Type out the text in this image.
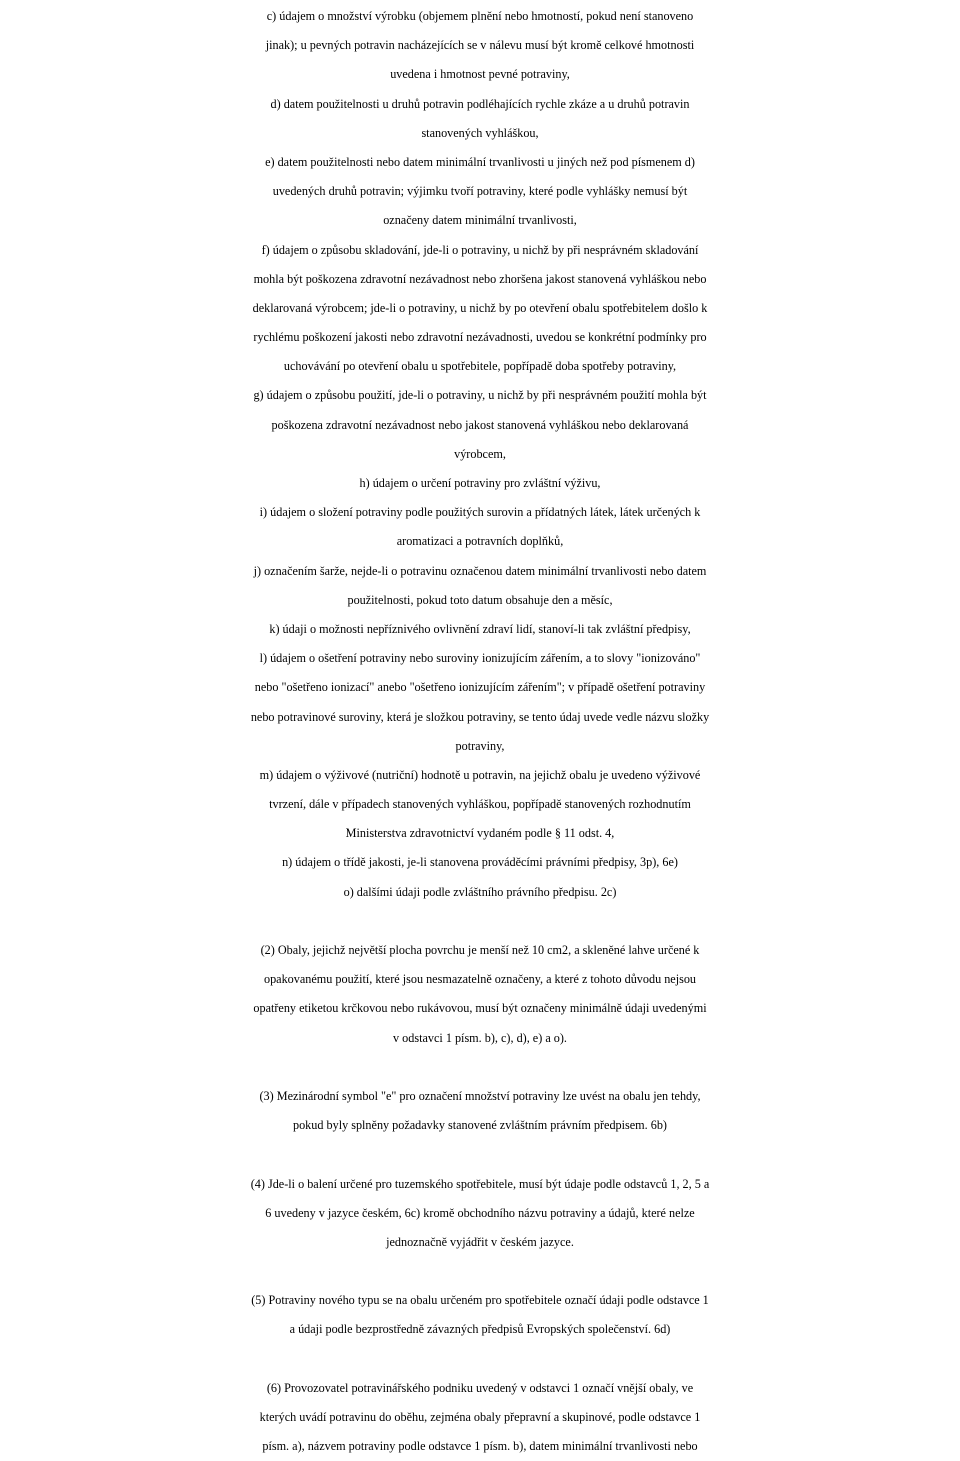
c) údajem o množství výrobku (objemem plnění nebo hmotností, pokud není stanoveno
jinak); u pevných potravin nacházejících se v nálevu musí být kromě celkové hmotnosti
uvedena i hmotnost pevné potraviny,
d) datem použitelnosti u druhů potravin podléhajících rychle zkáze a u druhů potravin
stanovených vyhláškou,
e) datem použitelnosti nebo datem minimální trvanlivosti u jiných než pod písmenem d)
uvedených druhů potravin; výjimku tvoří potraviny, které podle vyhlášky nemusí být
označeny datem minimální trvanlivosti,
f) údajem o způsobu skladování, jde-li o potraviny, u nichž by při nesprávném skladování
mohla být poškozena zdravotní nezávadnost nebo zhoršena jakost stanovená vyhláškou nebo
deklarovaná výrobcem; jde-li o potraviny, u nichž by po otevření obalu spotřebitelem došlo k
rychlému poškození jakosti nebo zdravotní nezávadnosti, uvedou se konkrétní podmínky pro
uchovávání po otevření obalu u spotřebitele, popřípadě doba spotřeby potraviny,
g) údajem o způsobu použití, jde-li o potraviny, u nichž by při nesprávném použití mohla být
poškozena zdravotní nezávadnost nebo jakost stanovená vyhláškou nebo deklarovaná
výrobcem,
h) údajem o určení potraviny pro zvláštní výživu,
i) údajem o složení potraviny podle použitých surovin a přídatných látek, látek určených k
aromatizaci a potravních doplňků,
j) označením šarže, nejde-li o potravinu označenou datem minimální trvanlivosti nebo datem
použitelnosti, pokud toto datum obsahuje den a měsíc,
k) údaji o možnosti nepříznivého ovlivnění zdraví lidí, stanoví-li tak zvláštní předpisy,
l) údajem o ošetření potraviny nebo suroviny ionizujícím zářením, a to slovy "ionizováno"
nebo "ošetřeno ionizací" anebo "ošetřeno ionizujícím zářením"; v případě ošetření potraviny
nebo potravinové suroviny, která je složkou potraviny, se tento údaj uvede vedle názvu složky
potraviny,
m) údajem o výživové (nutriční) hodnotě u potravin, na jejichž obalu je uvedeno výživové
tvrzení, dále v případech stanovených vyhláškou, popřípadě stanovených rozhodnutím
Ministerstva zdravotnictví vydaném podle § 11 odst. 4,
n) údajem o třídě jakosti, je-li stanovena prováděcími právními předpisy, 3p), 6e)
o) dalšími údaji podle zvláštního právního předpisu. 2c)
(2) Obaly, jejichž největší plocha povrchu je menší než 10 cm2, a skleněné lahve určené k
opakovanému použití, které jsou nesmazatelně označeny, a které z tohoto důvodu nejsou
opatřeny etiketou krčkovou nebo rukávovou, musí být označeny minimálně údaji uvedenými
v odstavci 1 písm. b), c), d), e) a o).
(3) Mezinárodní symbol "e" pro označení množství potraviny lze uvést na obalu jen tehdy,
pokud byly splněny požadavky stanovené zvláštním právním předpisem. 6b)
(4) Jde-li o balení určené pro tuzemského spotřebitele, musí být údaje podle odstavců 1, 2, 5 a
6 uvedeny v jazyce českém, 6c) kromě obchodního názvu potraviny a údajů, které nelze
jednoznačně vyjádřit v českém jazyce.
(5) Potraviny nového typu se na obalu určeném pro spotřebitele označí údaji podle odstavce 1
a údaji podle bezprostředně závazných předpisů Evropských společenství. 6d)
(6) Provozovatel potravinářského podniku uvedený v odstavci 1 označí vnější obaly, ve
kterých uvádí potravinu do oběhu, zejména obaly přepravní a skupinové, podle odstavce 1
písm. a), názvem potraviny podle odstavce 1 písm. b), datem minimální trvanlivosti nebo
